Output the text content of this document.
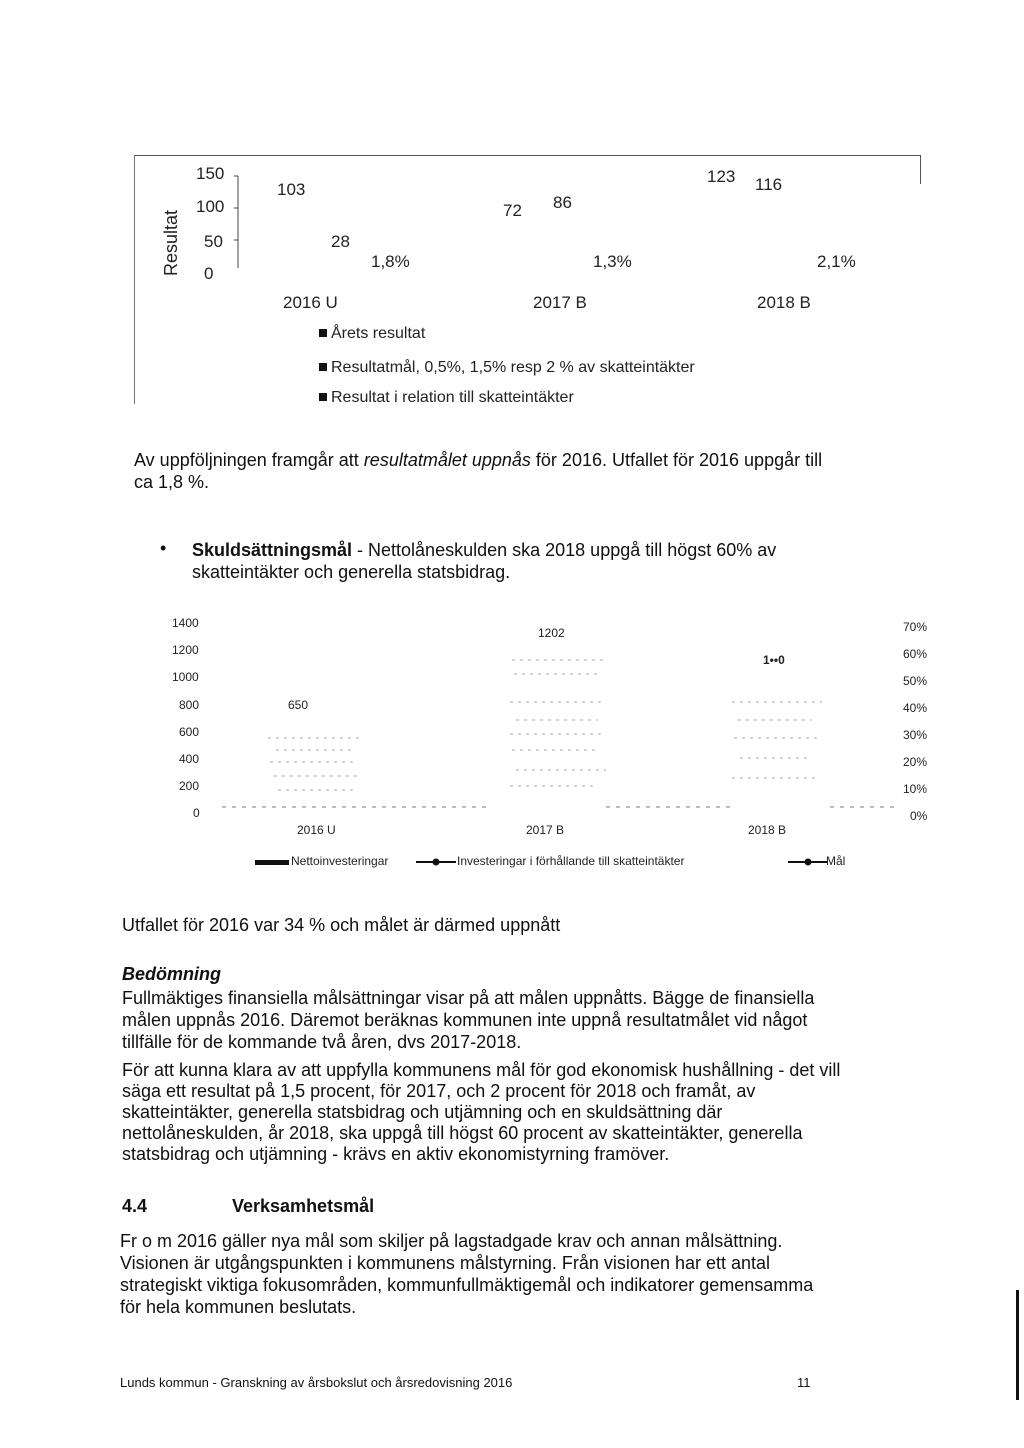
Resultat
150
100
50
0
103
28
1,8%
72 86
1,3%
123 116
2,1%
2016 U	2017 B	2018 B
Årets resultat
Resultatmål, 0,5%, 1,5% resp 2 % av skatteintäkter
Resultat i relation till skatteintäkter
Av uppföljningen framgår att resultatmålet uppnås för 2016. Utfallet för 2016 uppgår till
ca 1,8 %.
• Skuldsättningsmål - Nettolåneskulden ska 2018 uppgå till högst 60% av
skatteintäkter och generella statsbidrag.
1400
1200
1000
800
600
400
200
0
70%
60%
50%
40%
30%
20%
10%
0%
650
1202
1••0
2016 U	2017 B	2018 B
Nettoinvesteringar	Investeringar i förhållande till skatteintäkter	Mål
Utfallet för 2016 var 34 % och målet är därmed uppnått
Bedömning
Fullmäktiges finansiella målsättningar visar på att målen uppnåtts. Bägge de finansiella
målen uppnås 2016. Däremot beräknas kommunen inte uppnå resultatmålet vid något
tillfälle för de kommande två åren, dvs 2017-2018.
För att kunna klara av att uppfylla kommunens mål för god ekonomisk hushållning - det vill
säga ett resultat på 1,5 procent, för 2017, och 2 procent för 2018 och framåt, av
skatteintäkter, generella statsbidrag och utjämning och en skuldsättning där
nettolåneskulden, år 2018, ska uppgå till högst 60 procent av skatteintäkter, generella
statsbidrag och utjämning - krävs en aktiv ekonomistyrning framöver.
4.4	Verksamhetsmål
Fr o m 2016 gäller nya mål som skiljer på lagstadgade krav och annan målsättning.
Visionen är utgångspunkten i kommunens målstyrning. Från visionen har ett antal
strategiskt viktiga fokusområden, kommunfullmäktigemål och indikatorer gemensamma
för hela kommunen beslutats.
Lunds kommun - Granskning av årsbokslut och årsredovisning 2016	11
